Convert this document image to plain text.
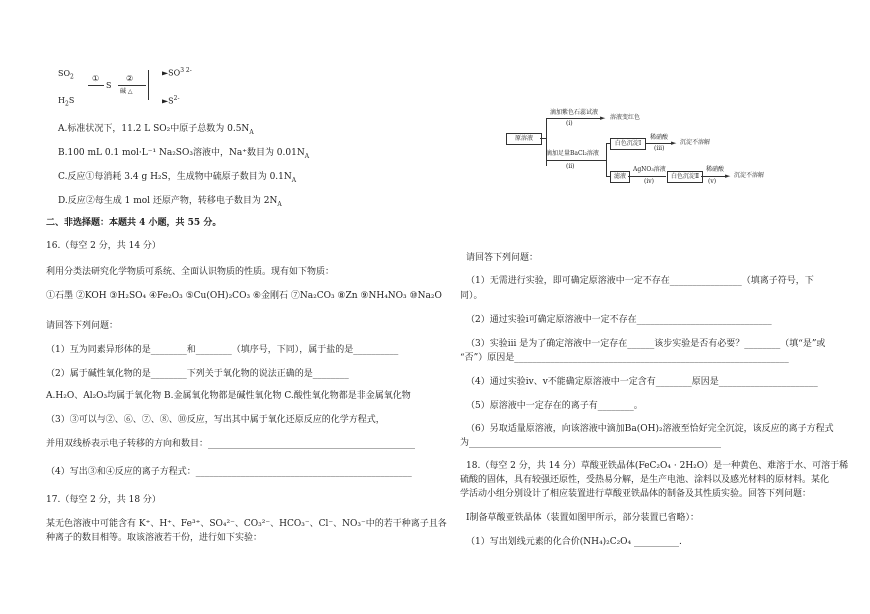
$SO_2$ ①
S
②
碱 △
$►SO^{3 2-}$
$►S^{2-}$
$H_2S$
A.标准状况下，11.2 L SO₂中原子总数为 $0.5N_A$
B.100 mL 0.1 mol·L⁻¹ Na₂SO₃溶液中，Na⁺数目为 $0.01N_A$
C.反应①每消耗 3.4 g H₂S，生成物中硫原子数目为 $0.1N_A$
D.反应②每生成 1 mol 还原产物，转移电子数目为 $2N_A$
二、非选择题：本题共 4 小题，共 55 分。
16.（每空 2 分，共 14 分）
利用分类法研究化学物质可系统、全面认识物质的性质。现有如下物质：
①石墨 ②KOH ③H₂SO₄ ④Fe₂O₃ ⑤Cu(OH)₂CO₃ ⑥金刚石 ⑦Na₂CO₃ ⑧Zn ⑨NH₄NO₃ ⑩Na₂O
请回答下列问题：
（1）互为同素异形体的是________和________（填序号，下同），属于盐的是__________
（2）属于碱性氧化物的是________下列关于氧化物的说法正确的是________
A.H₂O、Al₂O₃均属于氧化物 B.金属氧化物都是碱性氧化物 C.酸性氧化物都是非金属氧化物
（3）③可以与②、⑥、⑦、⑧、⑩反应，写出其中属于氧化还原反应的化学方程式，
并用双线桥表示电子转移的方向和数目：______________________________________________
（4）写出③和④反应的离子方程式：________________________________________________
17.（每空 2 分，共 18 分）
某无色溶液中可能含有 K⁺、H⁺、Fe³⁺、SO₄²⁻、CO₃²⁻、HCO₃⁻、Cl⁻、NO₃⁻中的若干种离子且各
种离子的数目相等。取该溶液若干份，进行如下实验：
原溶液
滴加紫色石蕊试液
►
(i)
溶液变红色
滴加足量BaCl₂溶液
(ii)
白色沉淀Ⅰ
稀硝酸
►
(iii)
沉淀不溶解
滤液
AgNO₃溶液
(iv)
白色沉淀Ⅱ
稀硝酸
►
(v)
沉淀不溶解
请回答下列问题：
（1）无需进行实验，即可确定原溶液中一定不存在________________（填离子符号，下
同）。
（2）通过实验ⅰ可确定原溶液中一定不存在______________________________
（3）实验ⅲ 是为了确定溶液中一定存在______该步实验是否有必要？________（填“是”或
“否”）原因是_____________________________________________________________
（4）通过实验ⅳ、ⅴ不能确定原溶液中一定含有________原因是______________________
（5）原溶液中一定存在的离子有________。
（6）另取适量原溶液，向该溶液中滴加Ba(OH)₂溶液至恰好完全沉淀，该反应的离子方程式
为________________________________________________________
18.（每空 2 分，共 14 分）草酸亚铁晶体(FeC₂O₄ · 2H₂O）是一种黄色、难溶于水、可溶于稀
硫酸的固体，具有较强还原性，受热易分解，是生产电池、涂料以及感光材料的原材料。某化
学活动小组分别设计了相应装置进行草酸亚铁晶体的制备及其性质实验。回答下列问题：
Ⅰ制备草酸亚铁晶体（装置如图甲所示，部分装置已省略）：
（1）写出划线元素的化合价(NH₄)₂C₂O₄ __________.
